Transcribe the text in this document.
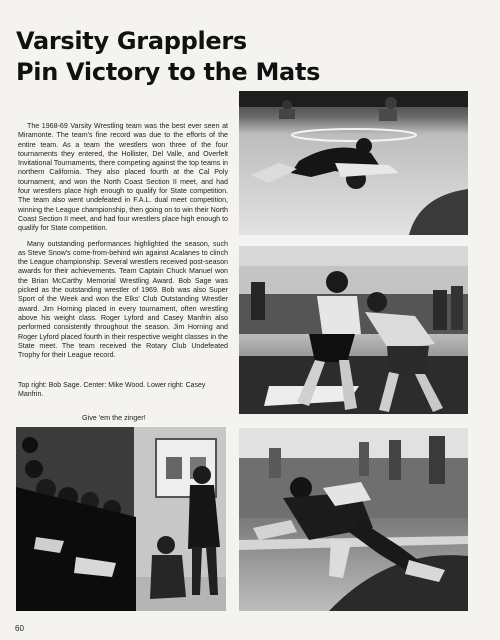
Varsity Grapplers
Pin Victory to the Mats

The 1968-69 Varsity Wrestling team was the best ever seen at Miramonte. The team's fine record was due to the efforts of the entire team. As a team the wrestlers won three of the four tournaments they entered, the Hollister, Del Valle, and Overfelt Invitational Tournaments, there competing against the top teams in northern California. They also placed fourth at the Cal Poly tournament, and won the North Coast Section II meet, and had four wrestlers place high enough to qualify for State competition. The team also went undefeated in F.A.L. dual meet competition, winning the League championship, then going on to win their North Coast Section II meet, and had four wrestlers place high enough to qualify for State competition.

Many outstanding performances highlighted the season, such as Steve Snow's come-from-behind win against Acalanes to clinch the League championship. Several wrestlers received post-season awards for their achievements. Team Captain Chuck Manuel won the Brian McCarthy Memorial Wrestling Award. Bob Sage was picked as the outstanding wrestler of 1969. Bob was also Super Sport of the Week and won the Elks' Club Outstanding Wrestler award. Jim Horning placed in every tournament, often wrestling above his weight class. Roger Lyford and Casey Manfrin also performed consistently throughout the season. Jim Horning and Roger Lyford placed fourth in their respective weight classes in the State meet. The team received the Rotary Club Undefeated Trophy for their League record.

Top right: Bob Sage. Center: Mike Wood. Lower right: Casey Manfrin.
Give 'em the zinger!
60
